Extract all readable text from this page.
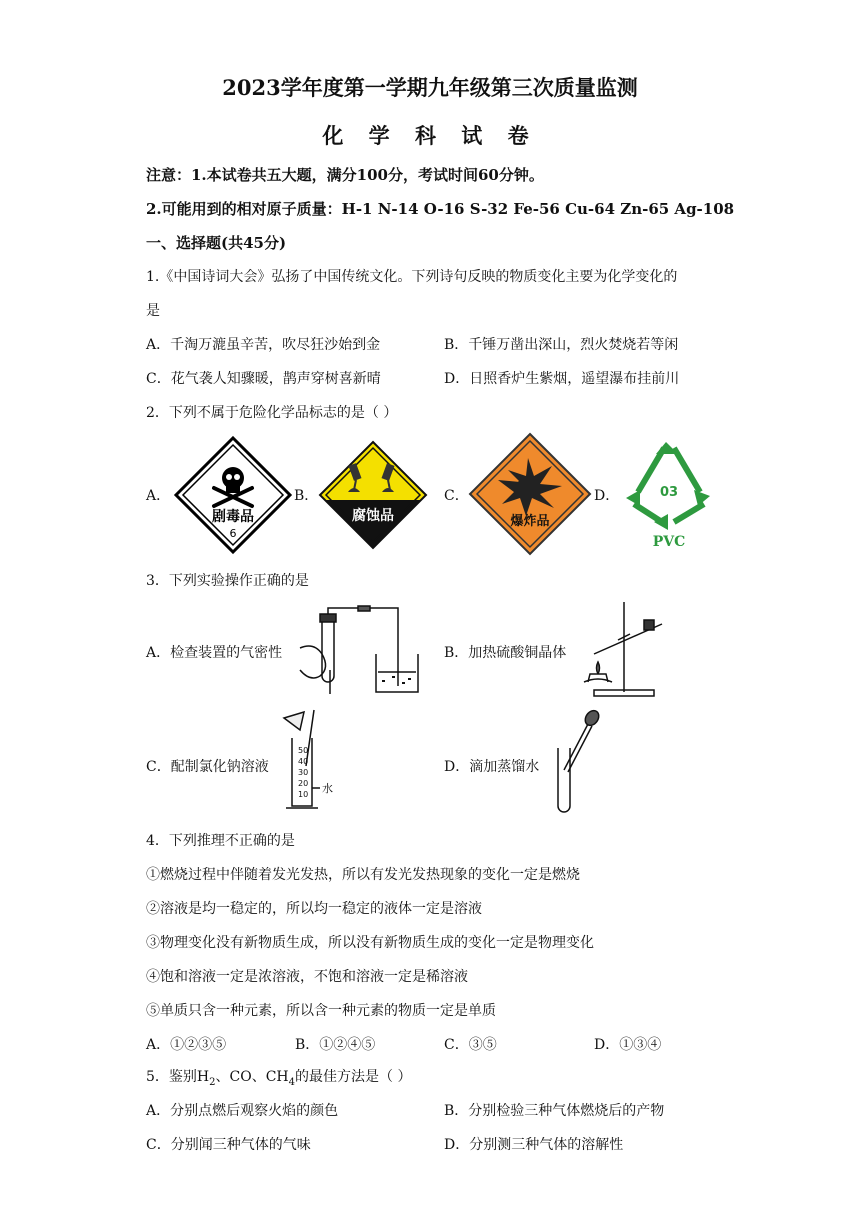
2023学年度第一学期九年级第三次质量监测
化 学 科 试 卷
注意：1.本试卷共五大题，满分100分，考试时间60分钟。
2.可能用到的相对原子质量：H-1 N-14 O-16 S-32 Fe-56 Cu-64 Zn-65 Ag-108
一、选择题(共45分)
1.《中国诗词大会》弘扬了中国传统文化。下列诗句反映的物质变化主要为化学变化的
是
A．千淘万漉虽辛苦，吹尽狂沙始到金	B．千锤万凿出深山，烈火焚烧若等闲
C．花气袭人知骤暖，鹊声穿树喜新晴	D．日照香炉生紫烟，遥望瀑布挂前川
2．下列不属于危险化学品标志的是（ ）
A．
剧毒品
6
B．
腐蚀品
C．
爆炸品
D．	03
PVC
3．下列实验操作正确的是
A．检查装置的气密性	B．加热硫酸铜晶体
C．配制氯化钠溶液
50
40
30
20
10 水
D．滴加蒸馏水
4．下列推理不正确的是
①燃烧过程中伴随着发光发热，所以有发光发热现象的变化一定是燃烧
②溶液是均一稳定的，所以均一稳定的液体一定是溶液
③物理变化没有新物质生成，所以没有新物质生成的变化一定是物理变化
④饱和溶液一定是浓溶液，不饱和溶液一定是稀溶液
⑤单质只含一种元素，所以含一种元素的物质一定是单质
A．①②③⑤	B．①②④⑤	C．③⑤	D．①③④
5．鉴别$H_2$、CO、$CH_4$的最佳方法是（ ）
A．分别点燃后观察火焰的颜色	B．分别检验三种气体燃烧后的产物
C．分别闻三种气体的气味	D．分别测三种气体的溶解性
